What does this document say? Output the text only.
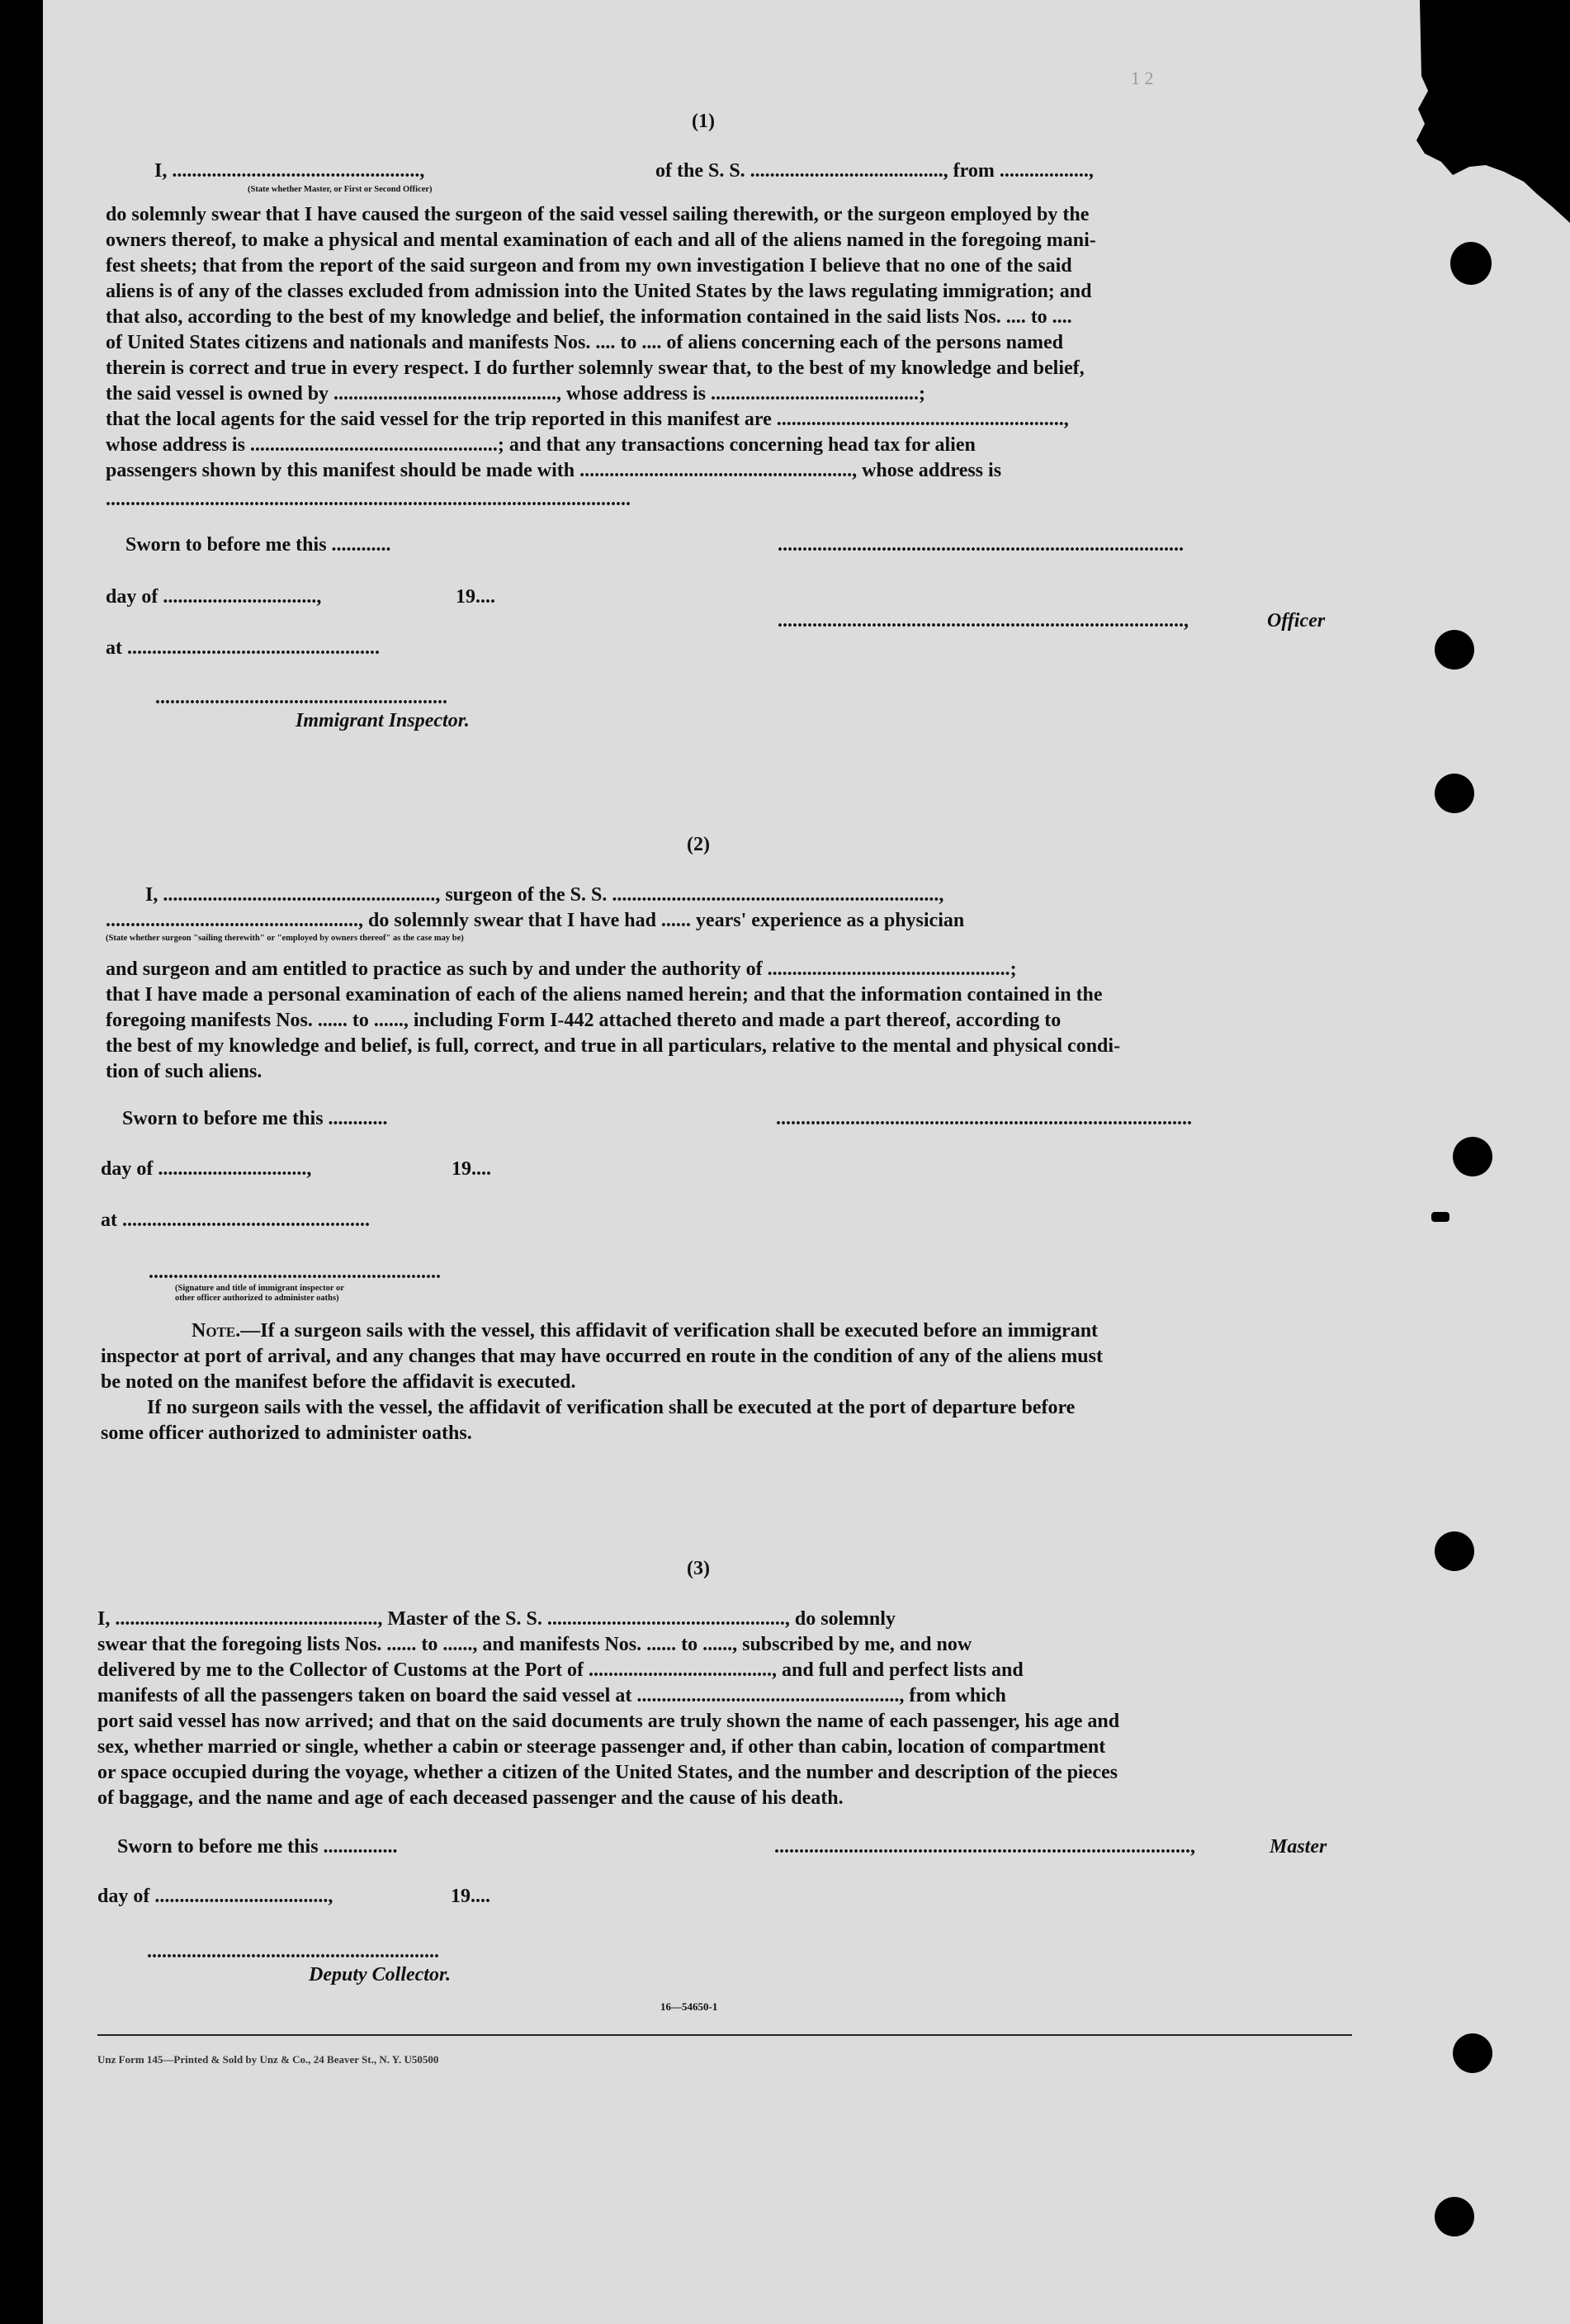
1 2
(1)
I, ..................................................,	of the S. S. ......................................., from ..................,
(State whether Master, or First or Second Officer)

do solemnly swear that I have caused the surgeon of the said vessel sailing therewith, or the surgeon employed by the

owners thereof, to make a physical and mental examination of each and all of the aliens named in the foregoing mani-

fest sheets; that from the report of the said surgeon and from my own investigation I believe that no one of the said

aliens is of any of the classes excluded from admission into the United States by the laws regulating immigration; and

that also, according to the best of my knowledge and belief, the information contained in the said lists Nos. .... to ....

of United States citizens and nationals and manifests Nos. .... to .... of aliens concerning each of the persons named

therein is correct and true in every respect. I do further solemnly swear that, to the best of my knowledge and belief,

the said vessel is owned by ............................................., whose address is ..........................................;

that the local agents for the said vessel for the trip reported in this manifest are ..........................................................,

whose address is ..................................................; and that any transactions concerning head tax for alien

passengers shown by this manifest should be made with ......................................................., whose address is

..........................................................................................................
Sworn to before me this ............	..................................................................................
day of ...............................,	19....
..................................................................................,	Officer
at ...................................................
...........................................................
Immigrant Inspector.
(2)
I, ......................................................., surgeon of the S. S. ..................................................................,
..................................................., do solemnly swear that I have had ...... years' experience as a physician
(State whether surgeon "sailing therewith" or "employed by owners thereof" as the case may be)

and surgeon and am entitled to practice as such by and under the authority of .................................................;

that I have made a personal examination of each of the aliens named herein; and that the information contained in the

foregoing manifests Nos. ...... to ......, including Form I-442 attached thereto and made a part thereof, according to

the best of my knowledge and belief, is full, correct, and true in all particulars, relative to the mental and physical condi-

tion of such aliens.

Sworn to before me this ............	....................................................................................
day of ..............................,	19....
at ..................................................
...........................................................
(Signature and title of immigrant inspector or
other officer authorized to administer oaths)

Note.—If a surgeon sails with the vessel, this affidavit of verification shall be executed before an immigrant

inspector at port of arrival, and any changes that may have occurred en route in the condition of any of the aliens must

be noted on the manifest before the affidavit is executed.

If no surgeon sails with the vessel, the affidavit of verification shall be executed at the port of departure before

some officer authorized to administer oaths.

(3)

I, ....................................................., Master of the S. S. ................................................, do solemnly

swear that the foregoing lists Nos. ...... to ......, and manifests Nos. ...... to ......, subscribed by me, and now

delivered by me to the Collector of Customs at the Port of ....................................., and full and perfect lists and

manifests of all the passengers taken on board the said vessel at ....................................................., from which

port said vessel has now arrived; and that on the said documents are truly shown the name of each passenger, his age and

sex, whether married or single, whether a cabin or steerage passenger and, if other than cabin, location of compartment

or space occupied during the voyage, whether a citizen of the United States, and the number and description of the pieces

of baggage, and the name and age of each deceased passenger and the cause of his death.

Sworn to before me this ...............	....................................................................................,	Master
day of ...................................,	19....
...........................................................
Deputy Collector.
16—54650-1
Unz Form 145—Printed & Sold by Unz & Co., 24 Beaver St., N. Y. U50500
